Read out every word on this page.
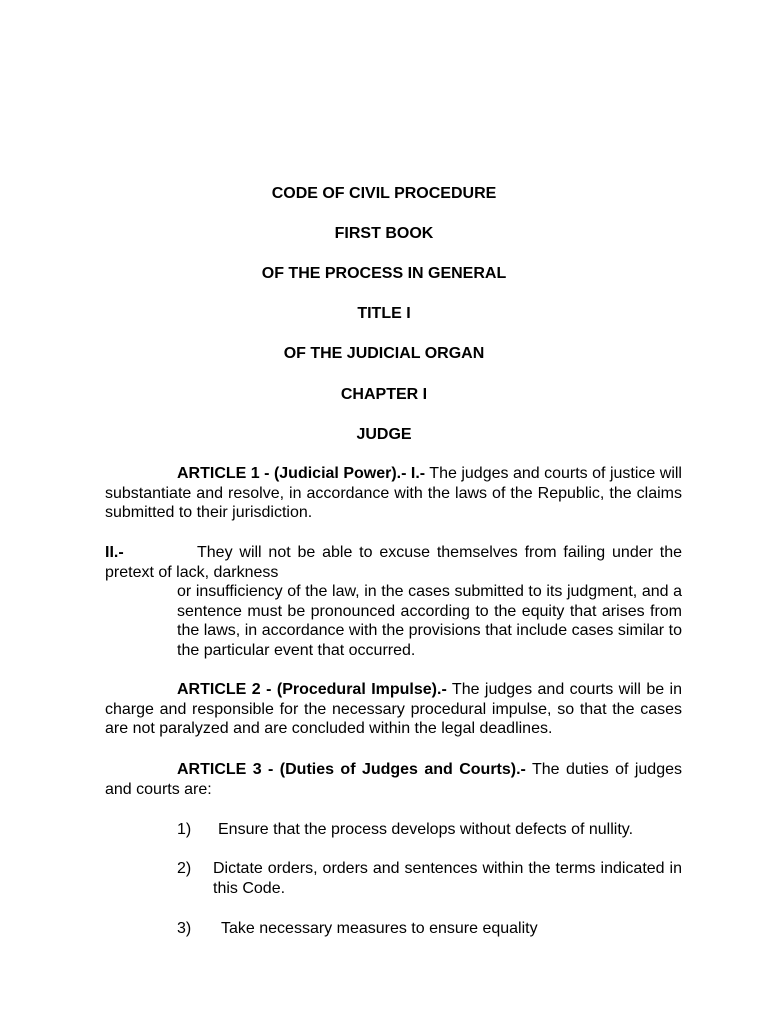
CODE OF CIVIL PROCEDURE

FIRST BOOK

OF THE PROCESS IN GENERAL

TITLE I

OF THE JUDICIAL ORGAN

CHAPTER I

JUDGE

ARTICLE 1 - (Judicial Power).- I.- The judges and courts of justice will substantiate and resolve, in accordance with the laws of the Republic, the claims submitted to their jurisdiction.

II.-	They will not be able to excuse themselves from failing under the

pretext of lack, darkness

or insufficiency of the law, in the cases submitted to its judgment, and a sentence must be pronounced according to the equity that arises from the laws, in accordance with the provisions that include cases similar to the particular event that occurred.

ARTICLE 2 - (Procedural Impulse).- The judges and courts will be in charge and responsible for the necessary procedural impulse, so that the cases are not paralyzed and are concluded within the legal deadlines.

ARTICLE 3 - (Duties of Judges and Courts).- The duties of judges and courts are:

1) Ensure that the process develops without defects of nullity.
2) Dictate orders, orders and sentences within the terms indicated in this Code.
3) Take necessary measures to ensure equality
